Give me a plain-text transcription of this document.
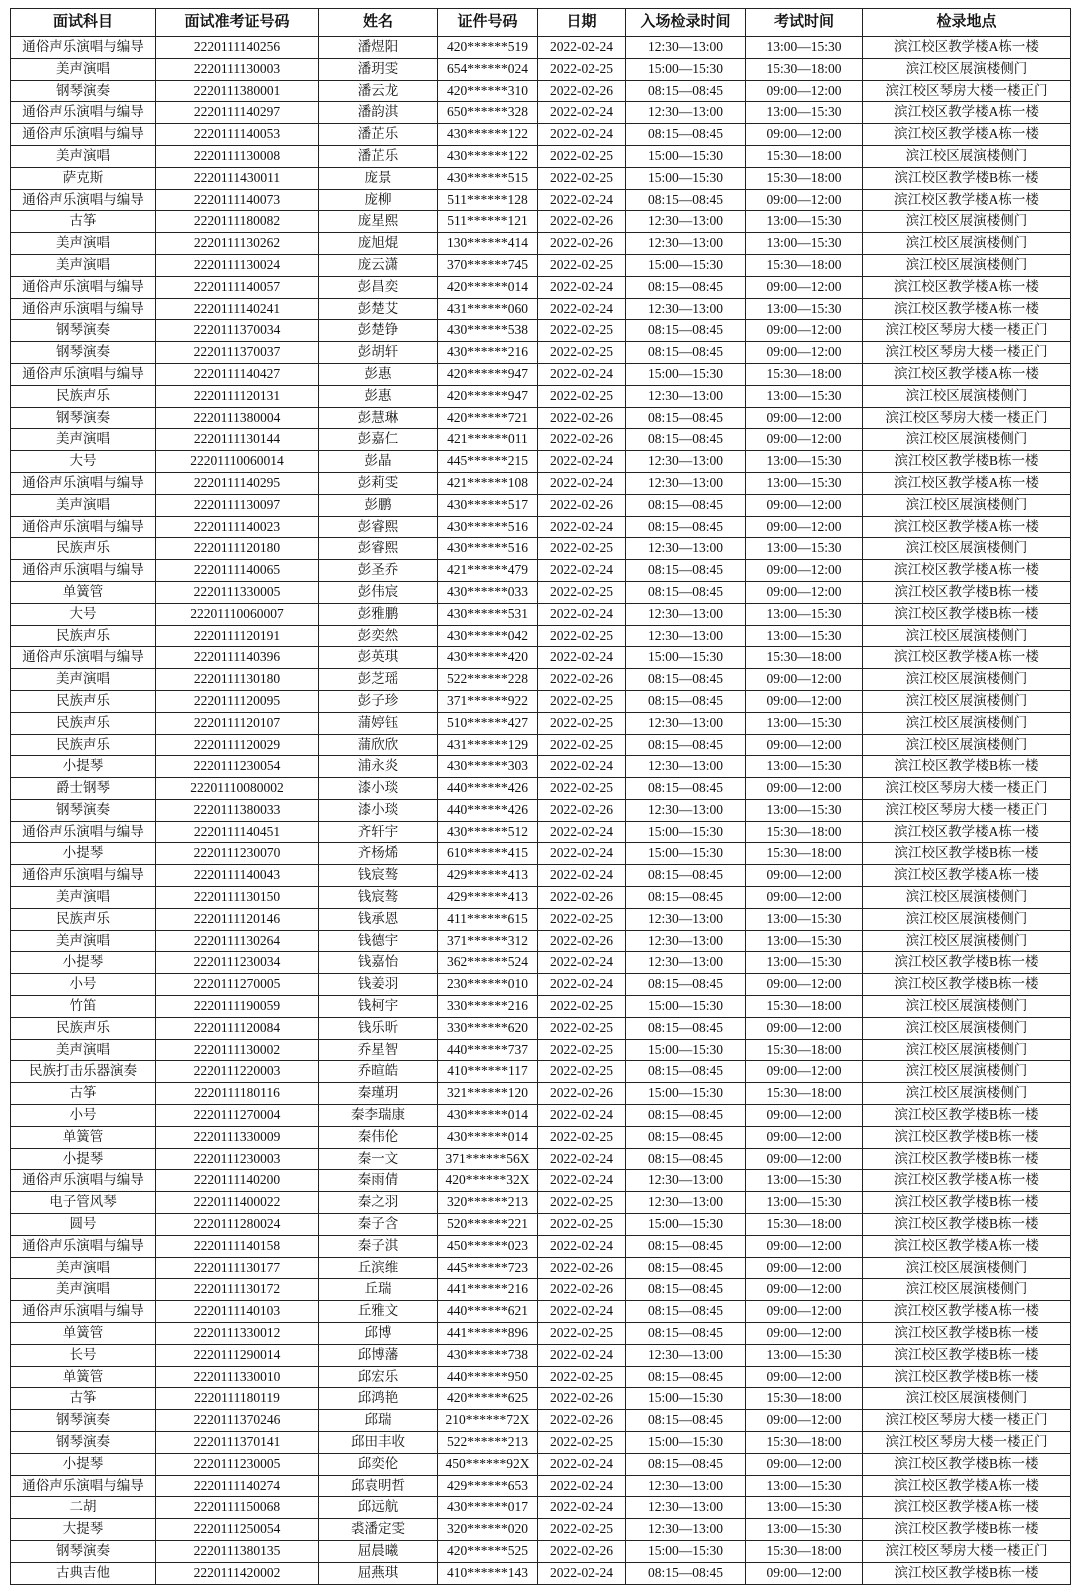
面试科目	面试准考证号码	姓名	证件号码	日期	入场检录时间	考试时间	检录地点
通俗声乐演唱与编导	2220111140256	潘煜阳	420******519	2022-02-24	12:30—13:00	13:00—15:30	滨江校区教学楼A栋一楼
美声演唱	2220111130003	潘玥雯	654******024	2022-02-25	15:00—15:30	15:30—18:00	滨江校区展演楼侧门
钢琴演奏	2220111380001	潘云龙	420******310	2022-02-26	08:15—08:45	09:00—12:00	滨江校区琴房大楼一楼正门
通俗声乐演唱与编导	2220111140297	潘韵淇	650******328	2022-02-24	12:30—13:00	13:00—15:30	滨江校区教学楼A栋一楼
通俗声乐演唱与编导	2220111140053	潘芷乐	430******122	2022-02-24	08:15—08:45	09:00—12:00	滨江校区教学楼A栋一楼
美声演唱	2220111130008	潘芷乐	430******122	2022-02-25	15:00—15:30	15:30—18:00	滨江校区展演楼侧门
萨克斯	2220111430011	庞景	430******515	2022-02-25	15:00—15:30	15:30—18:00	滨江校区教学楼B栋一楼
通俗声乐演唱与编导	2220111140073	庞柳	511******128	2022-02-24	08:15—08:45	09:00—12:00	滨江校区教学楼A栋一楼
古筝	2220111180082	庞星熙	511******121	2022-02-26	12:30—13:00	13:00—15:30	滨江校区展演楼侧门
美声演唱	2220111130262	庞旭焜	130******414	2022-02-26	12:30—13:00	13:00—15:30	滨江校区展演楼侧门
美声演唱	2220111130024	庞云潇	370******745	2022-02-25	15:00—15:30	15:30—18:00	滨江校区展演楼侧门
通俗声乐演唱与编导	2220111140057	彭昌奕	420******014	2022-02-24	08:15—08:45	09:00—12:00	滨江校区教学楼A栋一楼
通俗声乐演唱与编导	2220111140241	彭楚艾	431******060	2022-02-24	12:30—13:00	13:00—15:30	滨江校区教学楼A栋一楼
钢琴演奏	2220111370034	彭楚铮	430******538	2022-02-25	08:15—08:45	09:00—12:00	滨江校区琴房大楼一楼正门
钢琴演奏	2220111370037	彭胡轩	430******216	2022-02-25	08:15—08:45	09:00—12:00	滨江校区琴房大楼一楼正门
通俗声乐演唱与编导	2220111140427	彭惠	420******947	2022-02-24	15:00—15:30	15:30—18:00	滨江校区教学楼A栋一楼
民族声乐	2220111120131	彭惠	420******947	2022-02-25	12:30—13:00	13:00—15:30	滨江校区展演楼侧门
钢琴演奏	2220111380004	彭慧琳	420******721	2022-02-26	08:15—08:45	09:00—12:00	滨江校区琴房大楼一楼正门
美声演唱	2220111130144	彭嘉仁	421******011	2022-02-26	08:15—08:45	09:00—12:00	滨江校区展演楼侧门
大号	22201110060014	彭晶	445******215	2022-02-24	12:30—13:00	13:00—15:30	滨江校区教学楼B栋一楼
通俗声乐演唱与编导	2220111140295	彭莉雯	421******108	2022-02-24	12:30—13:00	13:00—15:30	滨江校区教学楼A栋一楼
美声演唱	2220111130097	彭鹏	430******517	2022-02-26	08:15—08:45	09:00—12:00	滨江校区展演楼侧门
通俗声乐演唱与编导	2220111140023	彭睿熙	430******516	2022-02-24	08:15—08:45	09:00—12:00	滨江校区教学楼A栋一楼
民族声乐	2220111120180	彭睿熙	430******516	2022-02-25	12:30—13:00	13:00—15:30	滨江校区展演楼侧门
通俗声乐演唱与编导	2220111140065	彭圣乔	421******479	2022-02-24	08:15—08:45	09:00—12:00	滨江校区教学楼A栋一楼
单簧管	2220111330005	彭伟宸	430******033	2022-02-25	08:15—08:45	09:00—12:00	滨江校区教学楼B栋一楼
大号	22201110060007	彭雅鹏	430******531	2022-02-24	12:30—13:00	13:00—15:30	滨江校区教学楼B栋一楼
民族声乐	2220111120191	彭奕然	430******042	2022-02-25	12:30—13:00	13:00—15:30	滨江校区展演楼侧门
通俗声乐演唱与编导	2220111140396	彭英琪	430******420	2022-02-24	15:00—15:30	15:30—18:00	滨江校区教学楼A栋一楼
美声演唱	2220111130180	彭芝瑶	522******228	2022-02-26	08:15—08:45	09:00—12:00	滨江校区展演楼侧门
民族声乐	2220111120095	彭子珍	371******922	2022-02-25	08:15—08:45	09:00—12:00	滨江校区展演楼侧门
民族声乐	2220111120107	蒲婷钰	510******427	2022-02-25	12:30—13:00	13:00—15:30	滨江校区展演楼侧门
民族声乐	2220111120029	蒲欣欣	431******129	2022-02-25	08:15—08:45	09:00—12:00	滨江校区展演楼侧门
小提琴	2220111230054	浦永炎	430******303	2022-02-24	12:30—13:00	13:00—15:30	滨江校区教学楼B栋一楼
爵士钢琴	22201110080002	漆小琰	440******426	2022-02-25	08:15—08:45	09:00—12:00	滨江校区琴房大楼一楼正门
钢琴演奏	2220111380033	漆小琰	440******426	2022-02-26	12:30—13:00	13:00—15:30	滨江校区琴房大楼一楼正门
通俗声乐演唱与编导	2220111140451	齐轩宇	430******512	2022-02-24	15:00—15:30	15:30—18:00	滨江校区教学楼A栋一楼
小提琴	2220111230070	齐杨烯	610******415	2022-02-24	15:00—15:30	15:30—18:00	滨江校区教学楼B栋一楼
通俗声乐演唱与编导	2220111140043	钱宸骜	429******413	2022-02-24	08:15—08:45	09:00—12:00	滨江校区教学楼A栋一楼
美声演唱	2220111130150	钱宸骜	429******413	2022-02-26	08:15—08:45	09:00—12:00	滨江校区展演楼侧门
民族声乐	2220111120146	钱承恩	411******615	2022-02-25	12:30—13:00	13:00—15:30	滨江校区展演楼侧门
美声演唱	2220111130264	钱德宇	371******312	2022-02-26	12:30—13:00	13:00—15:30	滨江校区展演楼侧门
小提琴	2220111230034	钱嘉怡	362******524	2022-02-24	12:30—13:00	13:00—15:30	滨江校区教学楼B栋一楼
小号	2220111270005	钱姜羽	230******010	2022-02-24	08:15—08:45	09:00—12:00	滨江校区教学楼B栋一楼
竹笛	2220111190059	钱柯宇	330******216	2022-02-25	15:00—15:30	15:30—18:00	滨江校区展演楼侧门
民族声乐	2220111120084	钱乐昕	330******620	2022-02-25	08:15—08:45	09:00—12:00	滨江校区展演楼侧门
美声演唱	2220111130002	乔星智	440******737	2022-02-25	15:00—15:30	15:30—18:00	滨江校区展演楼侧门
民族打击乐器演奏	2220111220003	乔暄皓	410******117	2022-02-25	08:15—08:45	09:00—12:00	滨江校区展演楼侧门
古筝	2220111180116	秦瑾玥	321******120	2022-02-26	15:00—15:30	15:30—18:00	滨江校区展演楼侧门
小号	2220111270004	秦李瑞康	430******014	2022-02-24	08:15—08:45	09:00—12:00	滨江校区教学楼B栋一楼
单簧管	2220111330009	秦伟伦	430******014	2022-02-25	08:15—08:45	09:00—12:00	滨江校区教学楼B栋一楼
小提琴	2220111230003	秦一文	371******56X	2022-02-24	08:15—08:45	09:00—12:00	滨江校区教学楼B栋一楼
通俗声乐演唱与编导	2220111140200	秦雨倩	420******32X	2022-02-24	12:30—13:00	13:00—15:30	滨江校区教学楼A栋一楼
电子管风琴	2220111400022	秦之羽	320******213	2022-02-25	12:30—13:00	13:00—15:30	滨江校区教学楼B栋一楼
圆号	2220111280024	秦子含	520******221	2022-02-25	15:00—15:30	15:30—18:00	滨江校区教学楼B栋一楼
通俗声乐演唱与编导	2220111140158	秦子淇	450******023	2022-02-24	08:15—08:45	09:00—12:00	滨江校区教学楼A栋一楼
美声演唱	2220111130177	丘滨维	445******723	2022-02-26	08:15—08:45	09:00—12:00	滨江校区展演楼侧门
美声演唱	2220111130172	丘瑞	441******216	2022-02-26	08:15—08:45	09:00—12:00	滨江校区展演楼侧门
通俗声乐演唱与编导	2220111140103	丘雅文	440******621	2022-02-24	08:15—08:45	09:00—12:00	滨江校区教学楼A栋一楼
单簧管	2220111330012	邱博	441******896	2022-02-25	08:15—08:45	09:00—12:00	滨江校区教学楼B栋一楼
长号	2220111290014	邱博藩	430******738	2022-02-24	12:30—13:00	13:00—15:30	滨江校区教学楼B栋一楼
单簧管	2220111330010	邱宏乐	440******950	2022-02-25	08:15—08:45	09:00—12:00	滨江校区教学楼B栋一楼
古筝	2220111180119	邱鸿艳	420******625	2022-02-26	15:00—15:30	15:30—18:00	滨江校区展演楼侧门
钢琴演奏	2220111370246	邱瑞	210******72X	2022-02-26	08:15—08:45	09:00—12:00	滨江校区琴房大楼一楼正门
钢琴演奏	2220111370141	邱田丰收	522******213	2022-02-25	15:00—15:30	15:30—18:00	滨江校区琴房大楼一楼正门
小提琴	2220111230005	邱奕伦	450******92X	2022-02-24	08:15—08:45	09:00—12:00	滨江校区教学楼B栋一楼
通俗声乐演唱与编导	2220111140274	邱袁明哲	429******653	2022-02-24	12:30—13:00	13:00—15:30	滨江校区教学楼A栋一楼
二胡	2220111150068	邱远航	430******017	2022-02-24	12:30—13:00	13:00—15:30	滨江校区教学楼A栋一楼
大提琴	2220111250054	裘潘定雯	320******020	2022-02-25	12:30—13:00	13:00—15:30	滨江校区教学楼B栋一楼
钢琴演奏	2220111380135	屈晨曦	420******525	2022-02-26	15:00—15:30	15:30—18:00	滨江校区琴房大楼一楼正门
古典吉他	2220111420002	屈燕琪	410******143	2022-02-24	08:15—08:45	09:00—12:00	滨江校区教学楼B栋一楼
